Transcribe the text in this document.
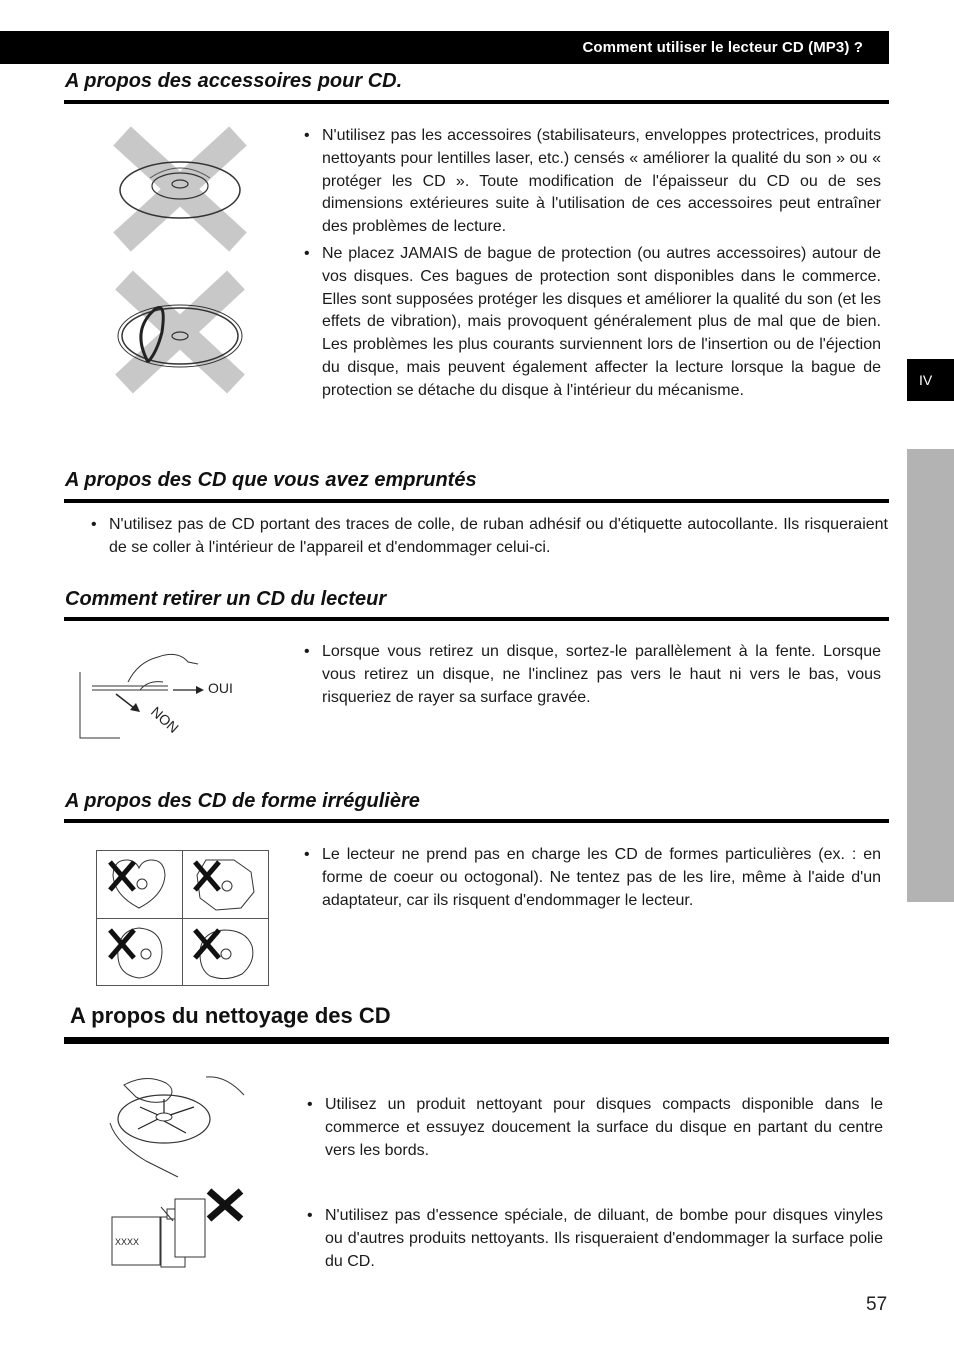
Comment utiliser le lecteur CD (MP3) ?
IV
A propos des accessoires pour CD.
• N'utilisez pas les accessoires (stabilisateurs, enveloppes protectrices, produits nettoyants pour lentilles laser, etc.) censés « améliorer la qualité du son » ou « protéger les CD ». Toute modification de l'épaisseur du CD ou de ses dimensions extérieures suite à l'utilisation de ces accessoires peut entraîner des problèmes de lecture.
• Ne placez JAMAIS de bague de protection (ou autres accessoires) autour de vos disques. Ces bagues de protection sont disponibles dans le commerce. Elles sont supposées protéger les disques et améliorer la qualité du son (et les effets de vibration), mais provoquent généralement plus de mal que de bien. Les problèmes les plus courants surviennent lors de l'insertion ou de l'éjection du disque, mais peuvent également affecter la lecture lorsque la bague de protection se détache du disque à l'intérieur du mécanisme.
A propos des CD que vous avez empruntés
• N'utilisez pas de CD portant des traces de colle, de ruban adhésif ou d'étiquette autocollante. Ils risqueraient de se coller à l'intérieur de l'appareil et d'endommager celui-ci.
Comment retirer un CD du lecteur
OUI
NON
• Lorsque vous retirez un disque, sortez-le parallèlement à la fente. Lorsque vous retirez un disque, ne l'inclinez pas vers le haut ni vers le bas, vous risqueriez de rayer sa surface gravée.
A propos des CD de forme irrégulière
• Le lecteur ne prend pas en charge les CD de formes particulières (ex. : en forme de coeur ou octogonal). Ne tentez pas de les lire, même à l'aide d'un adaptateur, car ils risquent d'endommager le lecteur.
A propos du nettoyage des CD
XXXX
• Utilisez un produit nettoyant pour disques compacts disponible dans le commerce et essuyez doucement la surface du disque en partant du centre vers les bords.
• N'utilisez pas d'essence spéciale, de diluant, de bombe pour disques vinyles ou d'autres produits nettoyants. Ils risqueraient d'endommager la surface polie du CD.
57
